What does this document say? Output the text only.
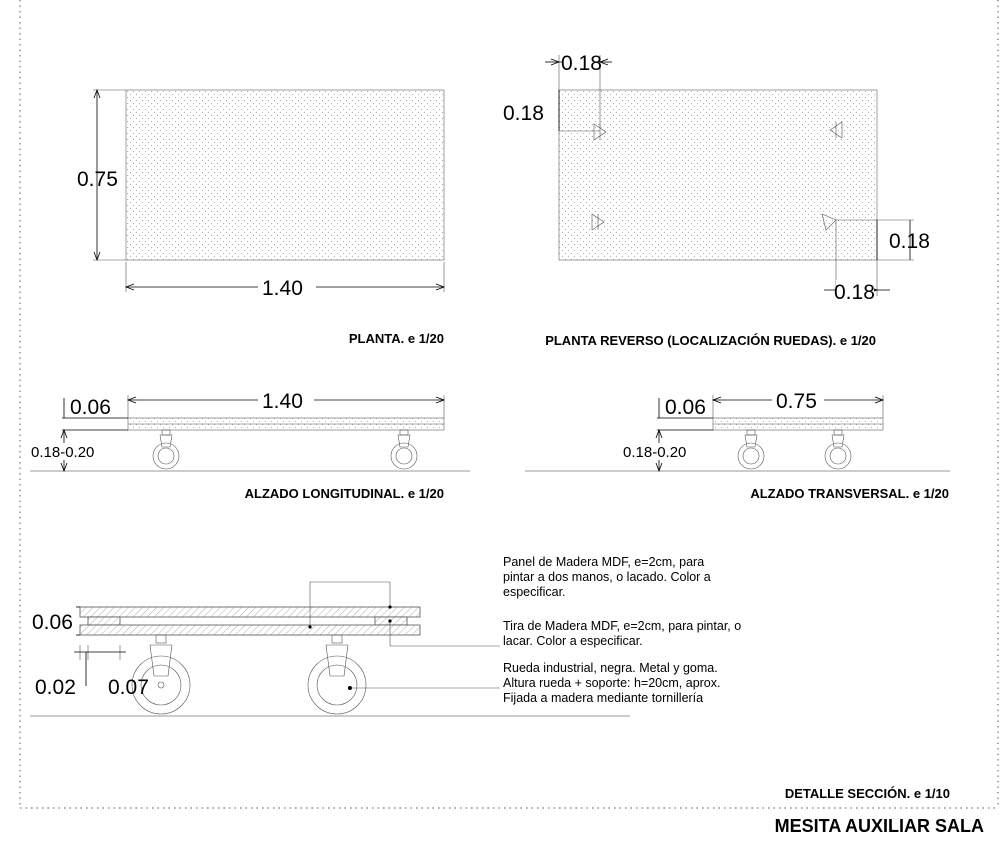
0.75
1.40
PLANTA. e 1/20
0.18
0.18
0.18
0.18
PLANTA REVERSO (LOCALIZACIÓN RUEDAS). e 1/20
1.40
0.06
0.18-0.20
ALZADO LONGITUDINAL. e 1/20
0.75
0.06
0.18-0.20
ALZADO TRANSVERSAL. e 1/20
0.06
0.02 0.07
Panel de Madera MDF, e=2cm, para pintar a dos manos, o lacado. Color a especificar.
Tira de Madera MDF, e=2cm, para pintar, o lacar. Color a especificar.
Rueda industrial, negra. Metal y goma. Altura rueda + soporte: h=20cm, aprox. Fijada a madera mediante tornillería
DETALLE SECCIÓN. e 1/10
MESITA AUXILIAR SALA
